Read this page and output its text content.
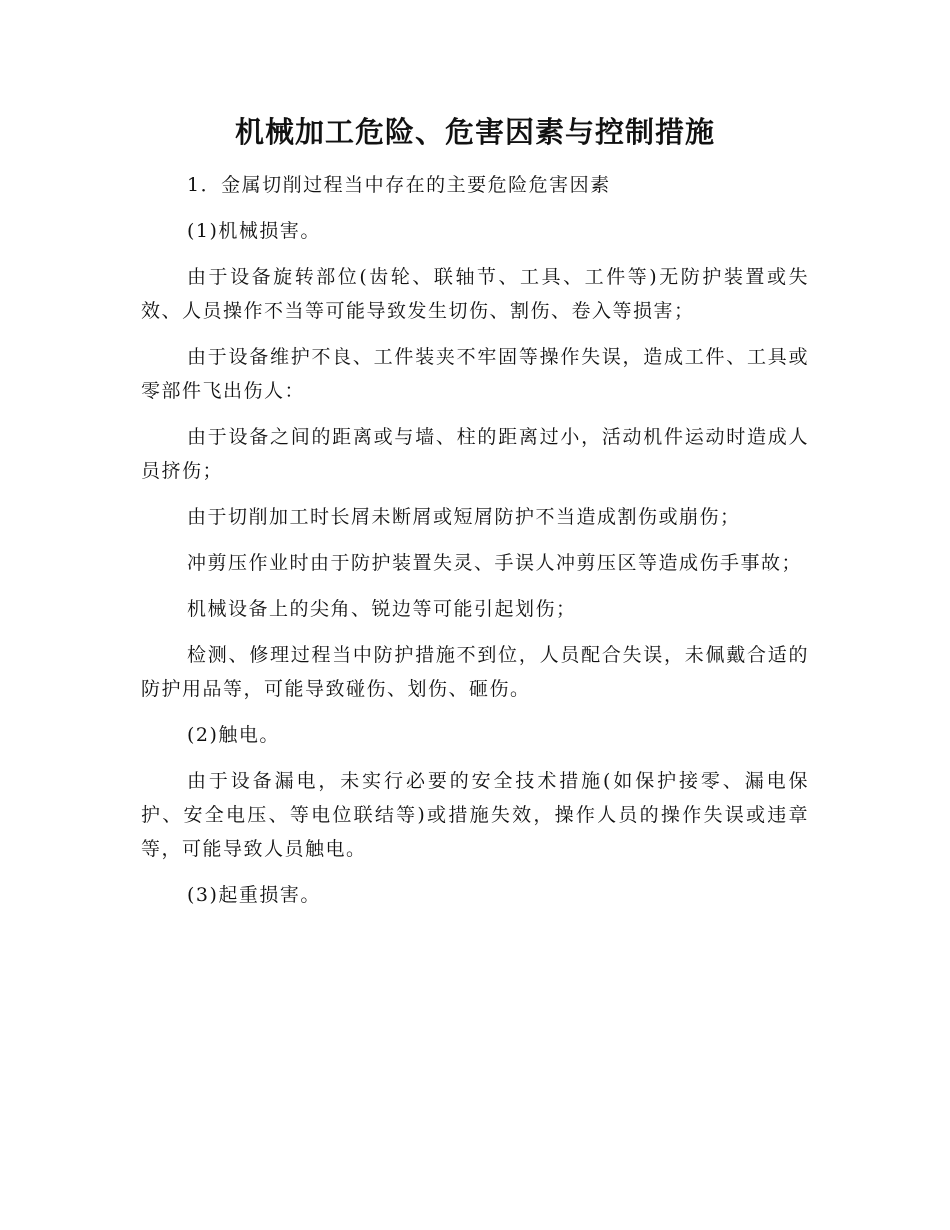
机械加工危险、危害因素与控制措施

1．金属切削过程当中存在的主要危险危害因素

(1)机械损害。

由于设备旋转部位(齿轮、联轴节、工具、工件等)无防护装置或失效、人员操作不当等可能导致发生切伤、割伤、卷入等损害；

由于设备维护不良、工件装夹不牢固等操作失误，造成工件、工具或零部件飞出伤人：

由于设备之间的距离或与墙、柱的距离过小，活动机件运动时造成人员挤伤；

由于切削加工时长屑未断屑或短屑防护不当造成割伤或崩伤；

冲剪压作业时由于防护装置失灵、手误人冲剪压区等造成伤手事故；

机械设备上的尖角、锐边等可能引起划伤；

检测、修理过程当中防护措施不到位，人员配合失误，未佩戴合适的防护用品等，可能导致碰伤、划伤、砸伤。

(2)触电。

由于设备漏电，未实行必要的安全技术措施(如保护接零、漏电保护、安全电压、等电位联结等)或措施失效，操作人员的操作失误或违章等，可能导致人员触电。

(3)起重损害。
